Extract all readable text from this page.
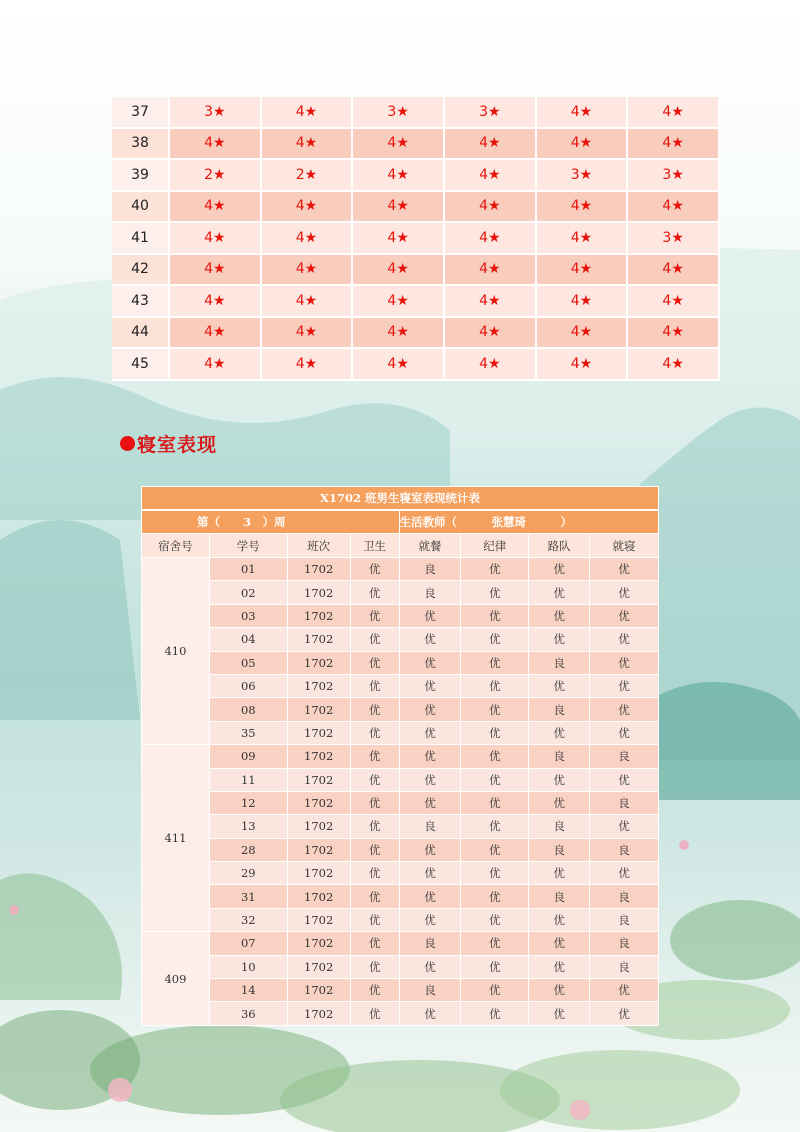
37	3★	4★	3★	3★	4★	4★
38	4★	4★	4★	4★	4★	4★
39	2★	2★	4★	4★	3★	3★
40	4★	4★	4★	4★	4★	4★
41	4★	4★	4★	4★	4★	3★
42	4★	4★	4★	4★	4★	4★
43	4★	4★	4★	4★	4★	4★
44	4★	4★	4★	4★	4★	4★
45	4★	4★	4★	4★	4★	4★
寝室表现
X1702 班男生寝室表现统计表							
第（　　3　）周				生活教师（　　　张慧琦　　　）			
宿舍号	学号	班次	卫生	就餐	纪律	路队	就寝
410	01	1702	优	良	优	优	优
	02	1702	优	良	优	优	优
	03	1702	优	优	优	优	优
	04	1702	优	优	优	优	优
	05	1702	优	优	优	良	优
	06	1702	优	优	优	优	优
	08	1702	优	优	优	良	优
	35	1702	优	优	优	优	优
411	09	1702	优	优	优	良	良
	11	1702	优	优	优	优	优
	12	1702	优	优	优	优	良
	13	1702	优	良	优	良	优
	28	1702	优	优	优	良	良
	29	1702	优	优	优	优	优
	31	1702	优	优	优	良	良
	32	1702	优	优	优	优	良
409	07	1702	优	良	优	优	良
	10	1702	优	优	优	优	良
	14	1702	优	良	优	优	优
	36	1702	优	优	优	优	优
